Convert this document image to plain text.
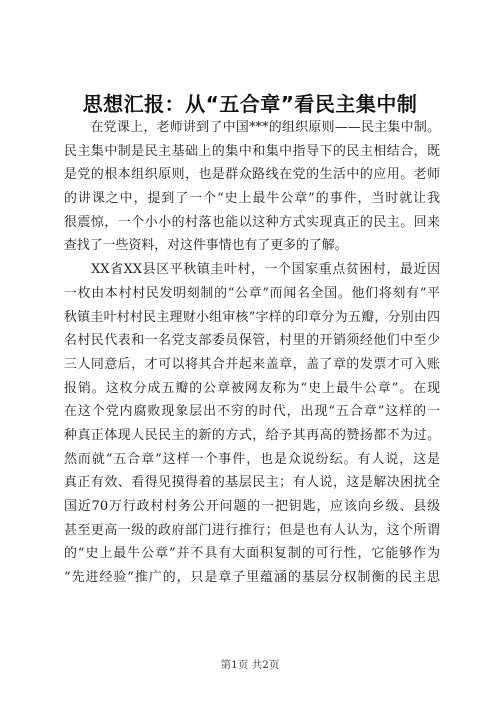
思想汇报：从“五合章”看民主集中制
　　在党课上，老师讲到了中国***的组织原则——民主集中制。
民主集中制是民主基础上的集中和集中指导下的民主相结合，既
是党的根本组织原则，也是群众路线在党的生活中的应用。老师
的讲课之中，提到了一个“史上最牛公章”的事件，当时就让我
很震惊，一个小小的村落也能以这种方式实现真正的民主。回来
查找了一些资料，对这件事情也有了更多的了解。
　　XX省XX县区平秋镇圭叶村，一个国家重点贫困村，最近因
一枚由本村村民发明刻制的“公章”而闻名全国。他们将刻有“平
秋镇圭叶村村民主理财小组审核”字样的印章分为五瓣，分别由四
名村民代表和一名党支部委员保管，村里的开销须经他们中至少
三人同意后，才可以将其合并起来盖章，盖了章的发票才可入账
报销。这枚分成五瓣的公章被网友称为“史上最牛公章”。在现
在这个党内腐败现象层出不穷的时代，出现“五合章”这样的一
种真正体现人民民主的新的方式，给予其再高的赞扬都不为过。
然而就“五合章”这样一个事件，也是众说纷纭。有人说，这是
真正有效、看得见摸得着的基层民主；有人说，这是解决困扰全
国近70万行政村村务公开问题的一把钥匙，应该向乡级、县级
甚至更高一级的政府部门进行推行；但是也有人认为，这个所谓
的“史上最牛公章”并不具有大面积复制的可行性，它能够作为
“先进经验”推广的，只是章子里蕴涵的基层分权制衡的民主思
第1页 共2页
